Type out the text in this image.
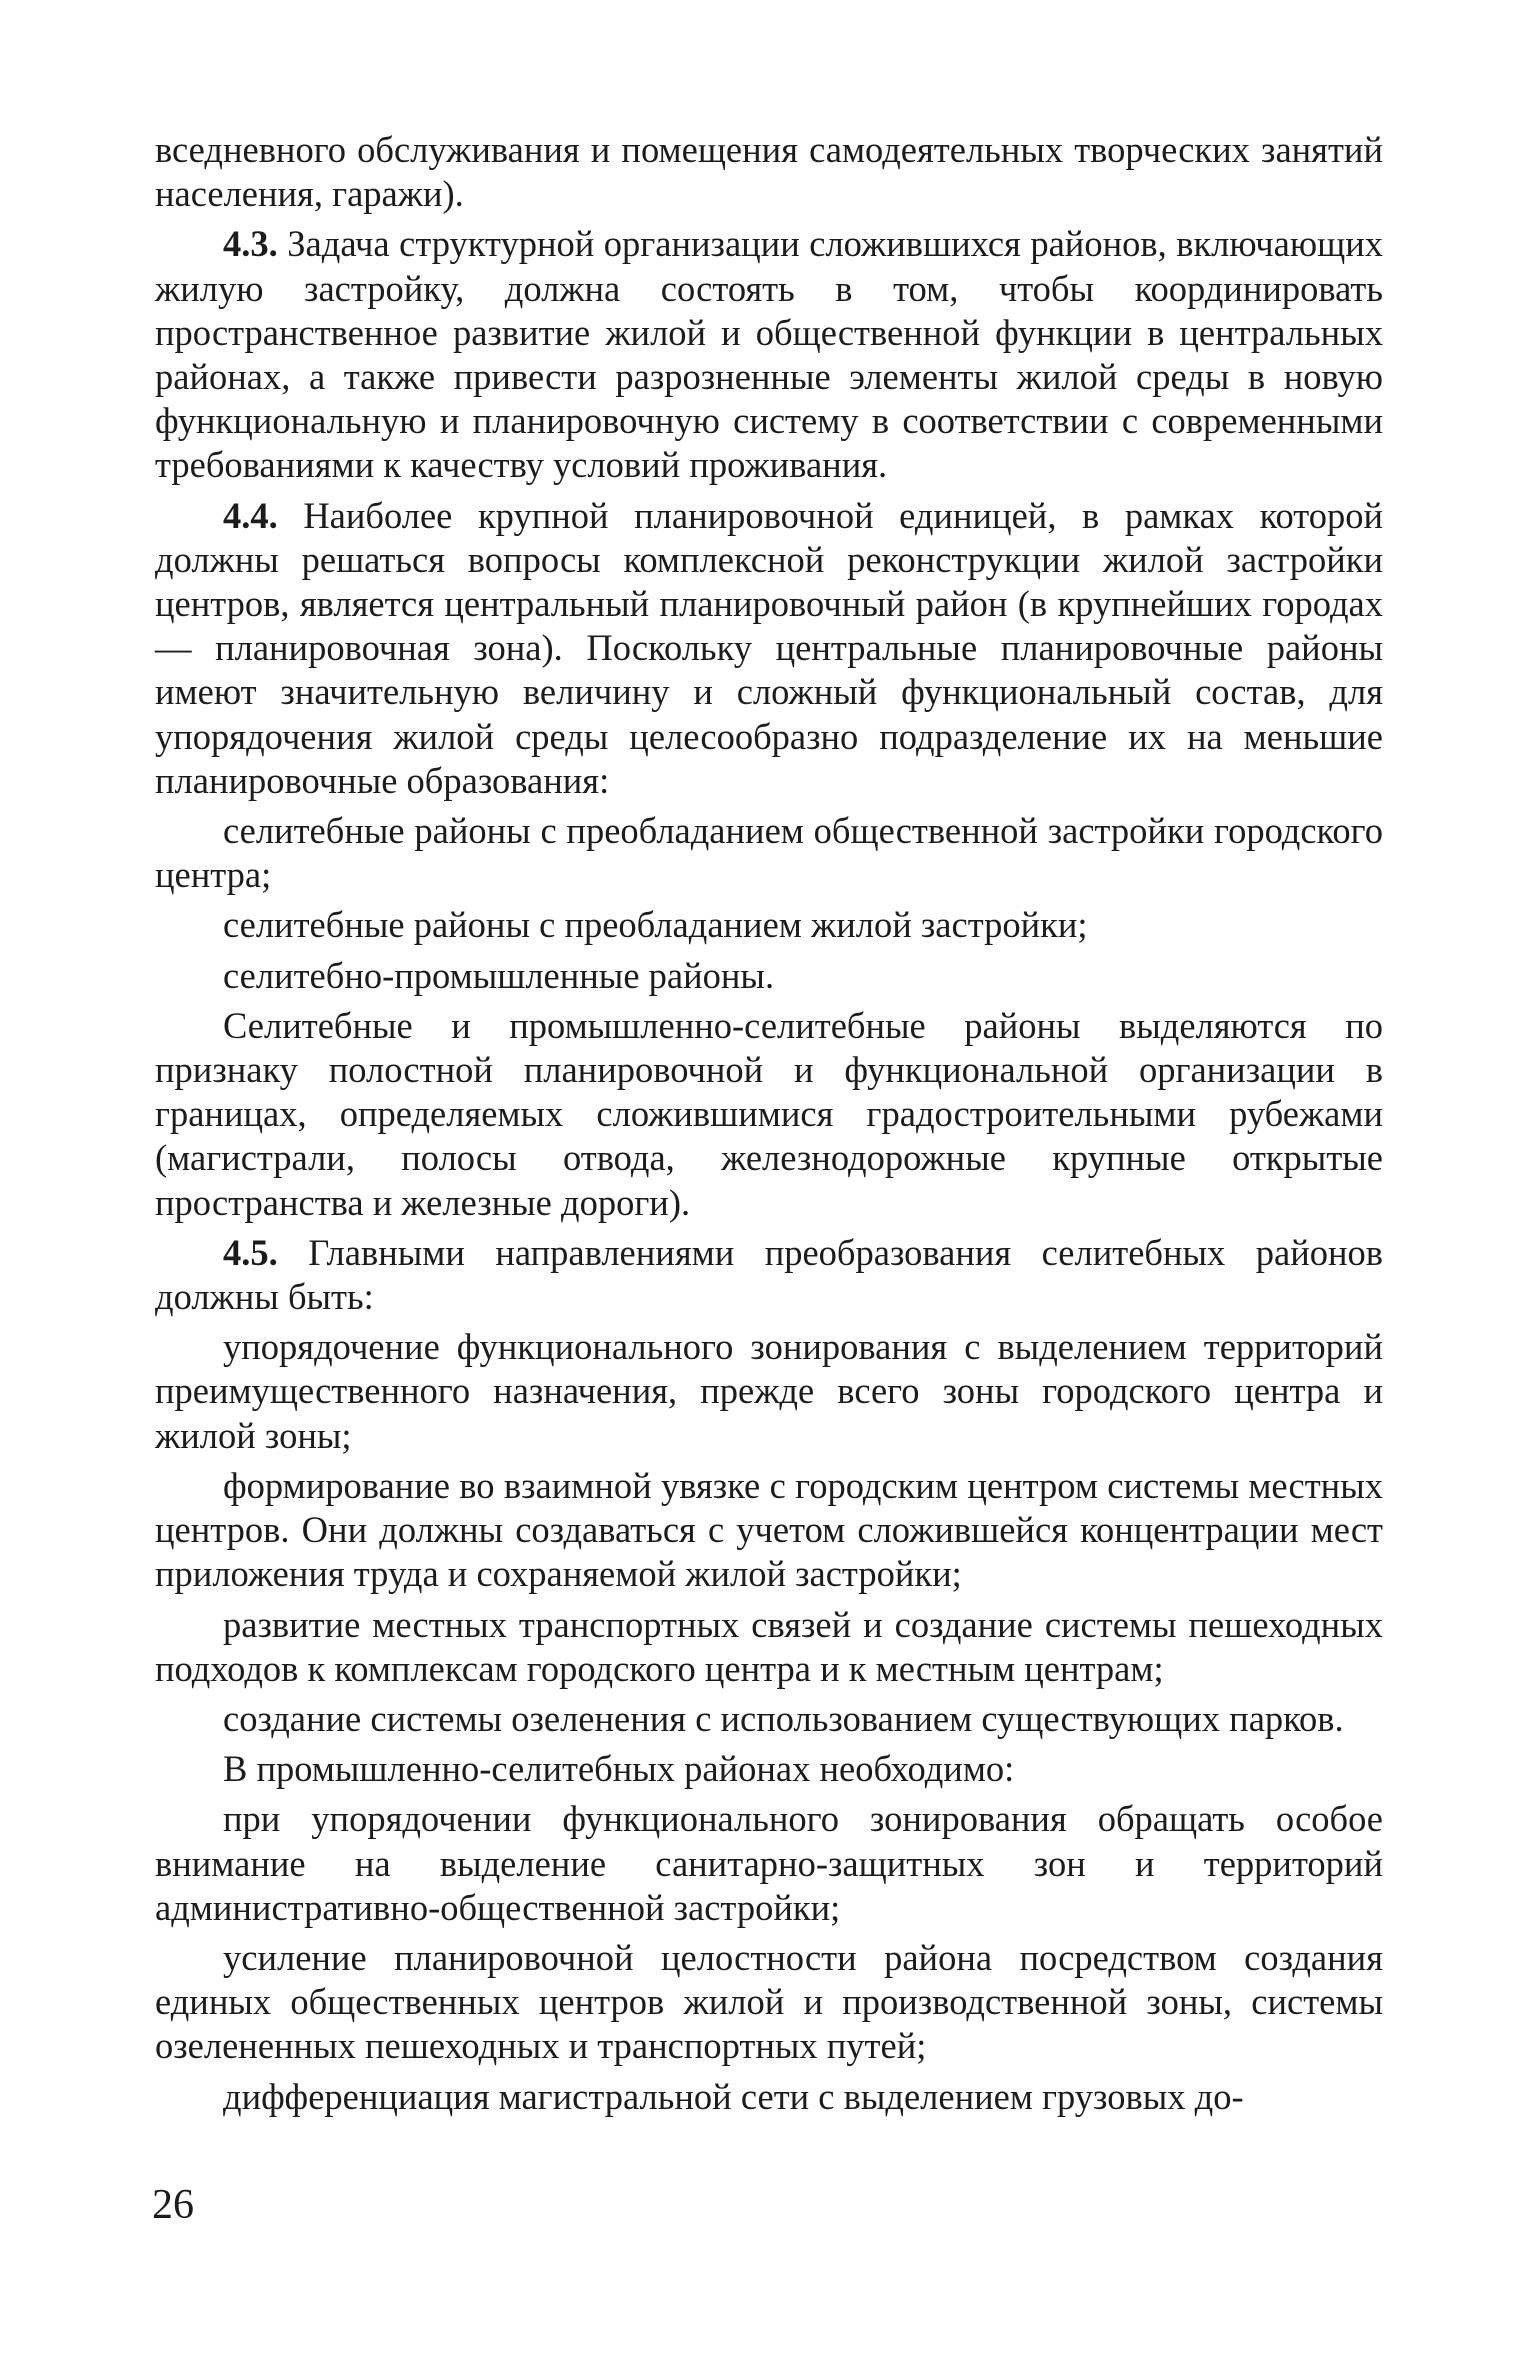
вседневного обслуживания и помещения самодеятельных творческих занятий населения, гаражи).

4.3. Задача структурной организации сложившихся районов, включающих жилую застройку, должна состоять в том, чтобы координировать пространственное развитие жилой и общественной функции в центральных районах, а также привести разрозненные элементы жилой среды в новую функциональную и планировочную систему в соответствии с современными требованиями к качеству условий проживания.

4.4. Наиболее крупной планировочной единицей, в рамках которой должны решаться вопросы комплексной реконструкции жилой застройки центров, является центральный планировочный район (в крупнейших городах — планировочная зона). Поскольку центральные планировочные районы имеют значительную величину и сложный функциональный состав, для упорядочения жилой среды целесообразно подразделение их на меньшие планировочные образования:

селитебные районы с преобладанием общественной застройки городского центра;

селитебные районы с преобладанием жилой застройки;

селитебно-промышленные районы.

Селитебные и промышленно-селитебные районы выделяются по признаку полостной планировочной и функциональной организации в границах, определяемых сложившимися градостроительными рубежами (магистрали, полосы отвода, железнодорожные крупные открытые пространства и железные дороги).

4.5. Главными направлениями преобразования селитебных районов должны быть:

упорядочение функционального зонирования с выделением территорий преимущественного назначения, прежде всего зоны городского центра и жилой зоны;

формирование во взаимной увязке с городским центром системы местных центров. Они должны создаваться с учетом сложившейся концентрации мест приложения труда и сохраняемой жилой застройки;

развитие местных транспортных связей и создание системы пешеходных подходов к комплексам городского центра и к местным центрам;

создание системы озеленения с использованием существующих парков.

В промышленно-селитебных районах необходимо:

при упорядочении функционального зонирования обращать особое внимание на выделение санитарно-защитных зон и территорий административно-общественной застройки;

усиление планировочной целостности района посредством создания единых общественных центров жилой и производственной зоны, системы озелененных пешеходных и транспортных путей;

дифференциация магистральной сети с выделением грузовых до-

26
